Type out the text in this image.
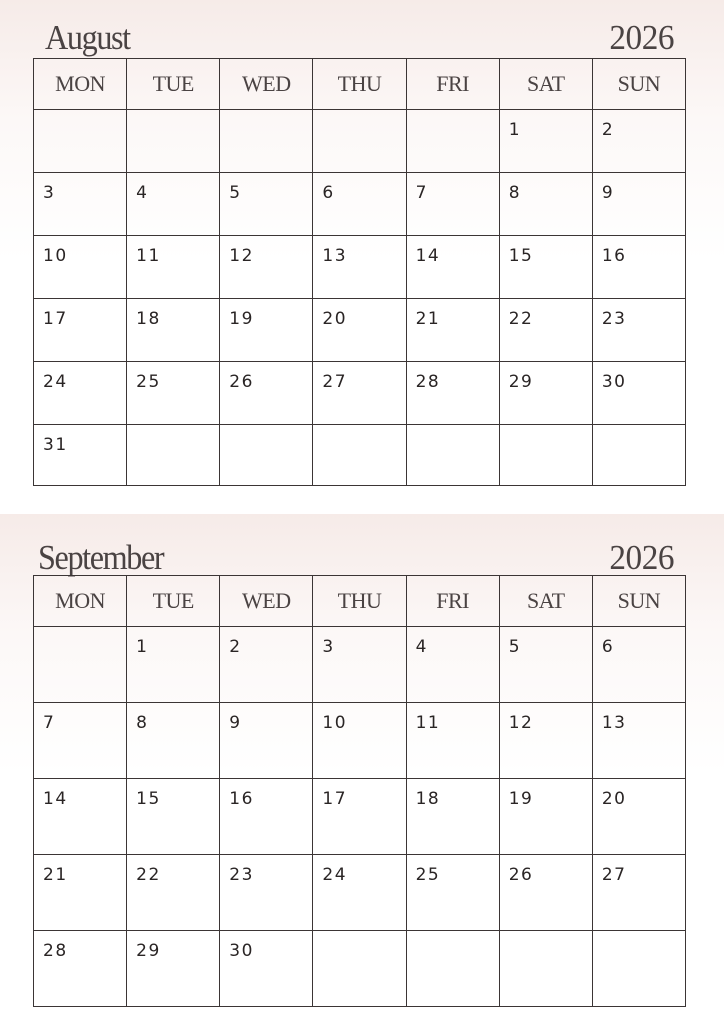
August	2026
MON	TUE	WED	THU	FRI	SAT	SUN

					1	2

3	4	5	6	7	8	9

10	11	12	13	14	15	16

17	18	19	20	21	22	23

24	25	26	27	28	29	30

31						

September	2026
MON	TUE	WED	THU	FRI	SAT	SUN

	1	2	3	4	5	6

7	8	9	10	11	12	13

14	15	16	17	18	19	20

21	22	23	24	25	26	27

28	29	30				
